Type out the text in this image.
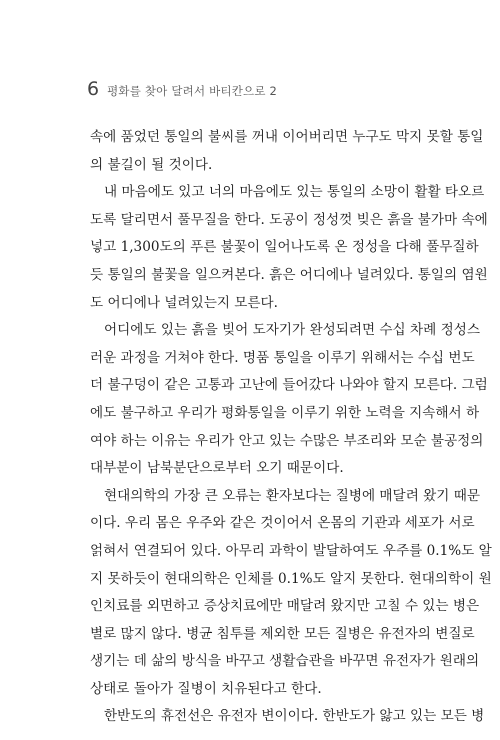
6 평화를 찾아 달려서 바티칸으로 2
속에 품었던 통일의 불씨를 꺼내 이어버리면 누구도 막지 못할 통일
의 불길이 될 것이다.
내 마음에도 있고 너의 마음에도 있는 통일의 소망이 활활 타오르
도록 달리면서 풀무질을 한다. 도공이 정성껏 빚은 흙을 불가마 속에
넣고 1,300도의 푸른 불꽃이 일어나도록 온 정성을 다해 풀무질하
듯 통일의 불꽃을 일으켜본다. 흙은 어디에나 널려있다. 통일의 염원
도 어디에나 널려있는지 모른다.
어디에도 있는 흙을 빚어 도자기가 완성되려면 수십 차례 정성스
러운 과정을 거쳐야 한다. 명품 통일을 이루기 위해서는 수십 번도
더 불구덩이 같은 고통과 고난에 들어갔다 나와야 할지 모른다. 그럼
에도 불구하고 우리가 평화통일을 이루기 위한 노력을 지속해서 하
여야 하는 이유는 우리가 안고 있는 수많은 부조리와 모순 불공정의
대부분이 남북분단으로부터 오기 때문이다.
현대의학의 가장 큰 오류는 환자보다는 질병에 매달려 왔기 때문
이다. 우리 몸은 우주와 같은 것이어서 온몸의 기관과 세포가 서로
얽혀서 연결되어 있다. 아무리 과학이 발달하여도 우주를 0.1%도 알
지 못하듯이 현대의학은 인체를 0.1%도 알지 못한다. 현대의학이 원
인치료를 외면하고 증상치료에만 매달려 왔지만 고칠 수 있는 병은
별로 많지 않다. 병균 침투를 제외한 모든 질병은 유전자의 변질로
생기는 데 삶의 방식을 바꾸고 생활습관을 바꾸면 유전자가 원래의
상태로 돌아가 질병이 치유된다고 한다.
한반도의 휴전선은 유전자 변이이다. 한반도가 앓고 있는 모든 병
